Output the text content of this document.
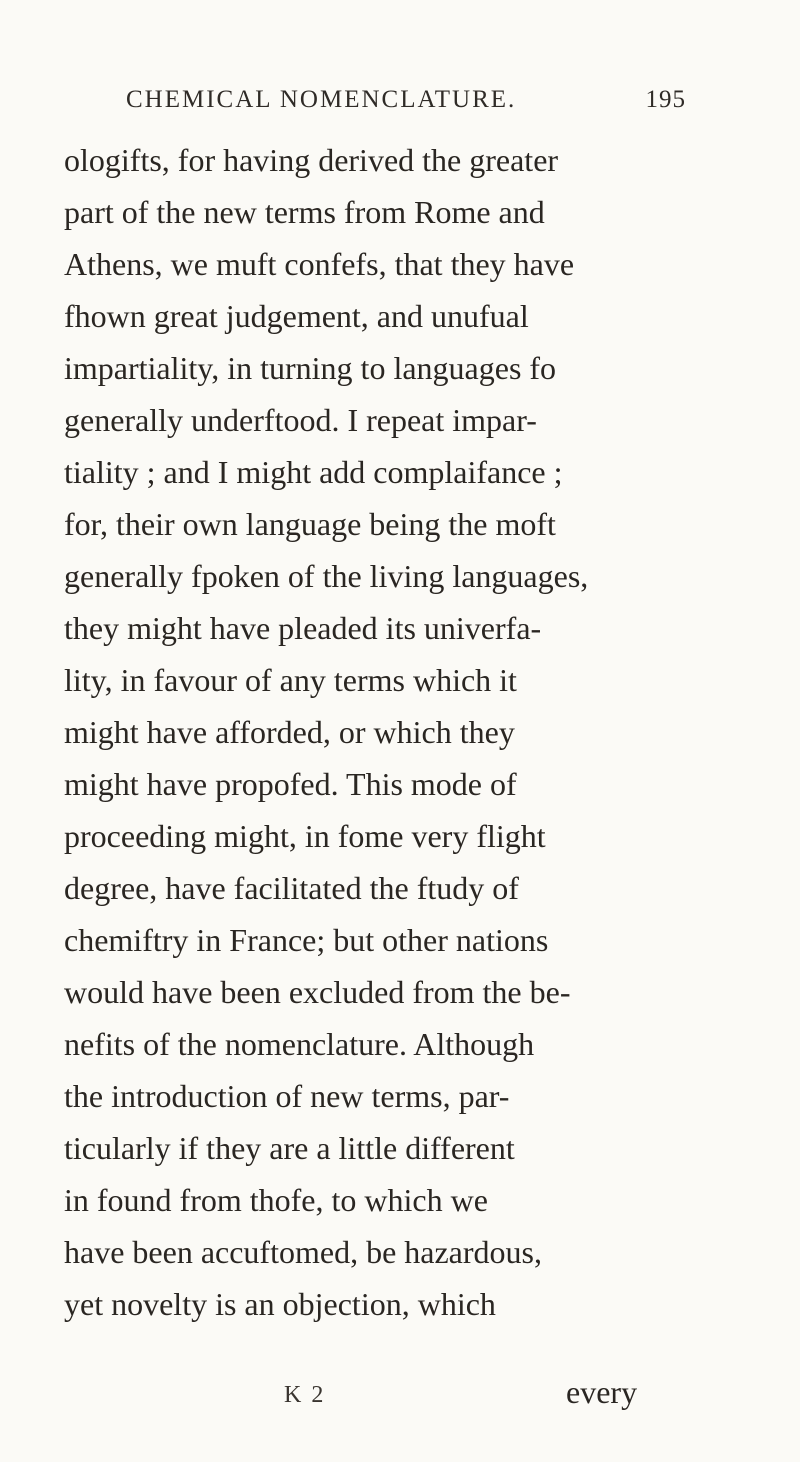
CHEMICAL NOMENCLATURE.	195
ologifts, for having derived the greater
part of the new terms from Rome and
Athens, we muft confefs, that they have
fhown great judgement, and unufual
impartiality, in turning to languages fo
generally underftood. I repeat impar-
tiality ; and I might add complaifance ;
for, their own language being the moft
generally fpoken of the living languages,
they might have pleaded its univerfa-
lity, in favour of any terms which it
might have afforded, or which they
might have propofed. This mode of
proceeding might, in fome very flight
degree, have facilitated the ftudy of
chemiftry in France; but other nations
would have been excluded from the be-
nefits of the nomenclature. Although
the introduction of new terms, par-
ticularly if they are a little different
in found from thofe, to which we
have been accuftomed, be hazardous,
yet novelty is an objection, which
K 2	every
